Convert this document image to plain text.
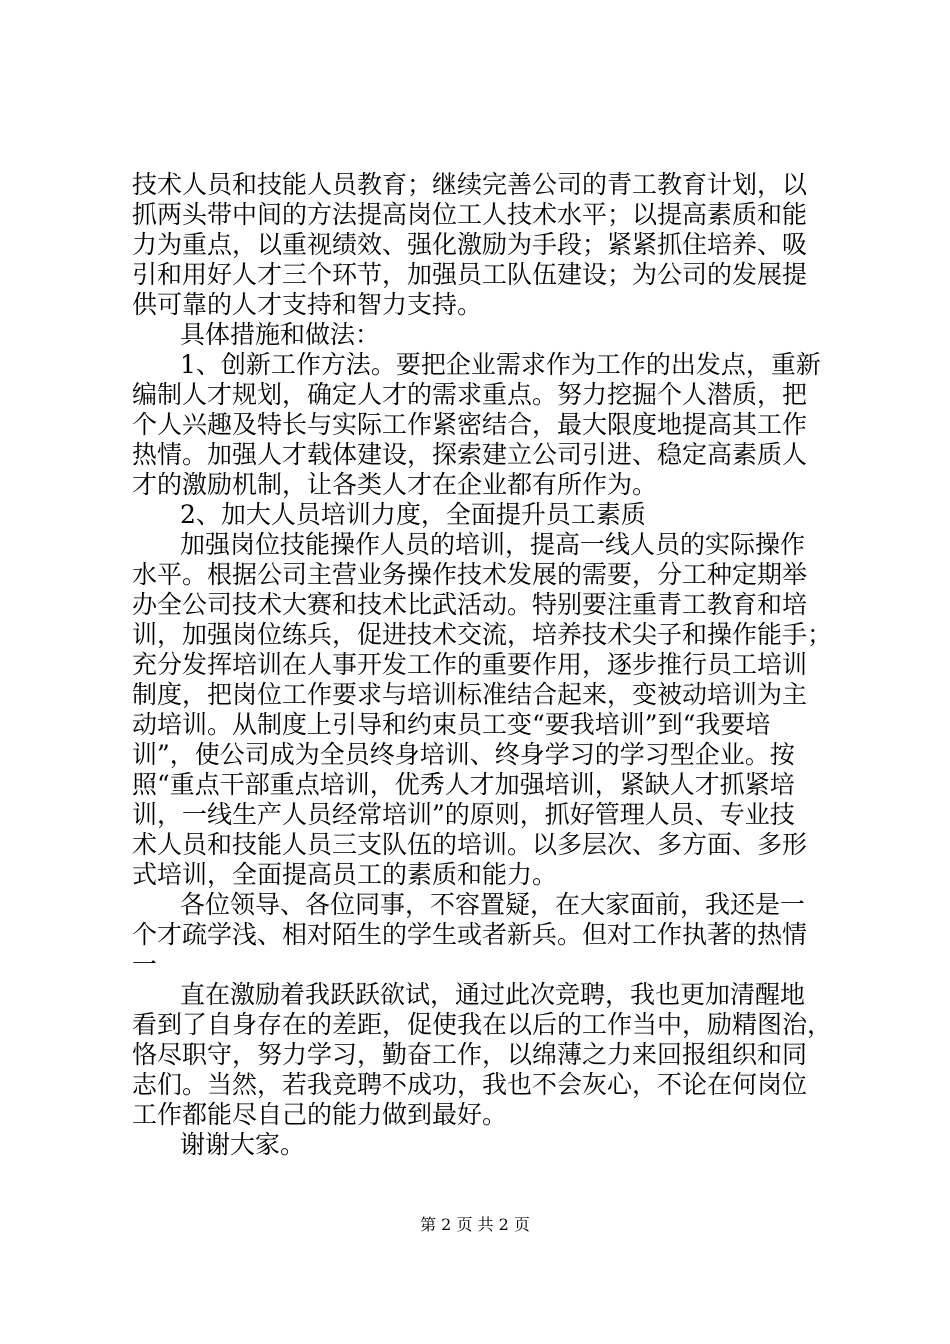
技术人员和技能人员教育；继续完善公司的青工教育计划，以
抓两头带中间的方法提高岗位工人技术水平；以提高素质和能
力为重点，以重视绩效、强化激励为手段；紧紧抓住培养、吸
引和用好人才三个环节，加强员工队伍建设；为公司的发展提
供可靠的人才支持和智力支持。
具体措施和做法：
1、创新工作方法。要把企业需求作为工作的出发点，重新
编制人才规划，确定人才的需求重点。努力挖掘个人潜质，把
个人兴趣及特长与实际工作紧密结合，最大限度地提高其工作
热情。加强人才载体建设，探索建立公司引进、稳定高素质人
才的激励机制，让各类人才在企业都有所作为。
2、加大人员培训力度，全面提升员工素质
加强岗位技能操作人员的培训，提高一线人员的实际操作
水平。根据公司主营业务操作技术发展的需要，分工种定期举
办全公司技术大赛和技术比武活动。特别要注重青工教育和培
训，加强岗位练兵，促进技术交流，培养技术尖子和操作能手；
充分发挥培训在人事开发工作的重要作用，逐步推行员工培训
制度，把岗位工作要求与培训标准结合起来，变被动培训为主
动培训。从制度上引导和约束员工变“要我培训”到“我要培
训”，使公司成为全员终身培训、终身学习的学习型企业。按
照“重点干部重点培训，优秀人才加强培训，紧缺人才抓紧培
训，一线生产人员经常培训”的原则，抓好管理人员、专业技
术人员和技能人员三支队伍的培训。以多层次、多方面、多形
式培训，全面提高员工的素质和能力。
各位领导、各位同事，不容置疑，在大家面前，我还是一
个才疏学浅、相对陌生的学生或者新兵。但对工作执著的热情
一
直在激励着我跃跃欲试，通过此次竞聘，我也更加清醒地
看到了自身存在的差距，促使我在以后的工作当中，励精图治，
恪尽职守，努力学习，勤奋工作，以绵薄之力来回报组织和同
志们。当然，若我竞聘不成功，我也不会灰心，不论在何岗位
工作都能尽自己的能力做到最好。
谢谢大家。
第 2 页 共 2 页
